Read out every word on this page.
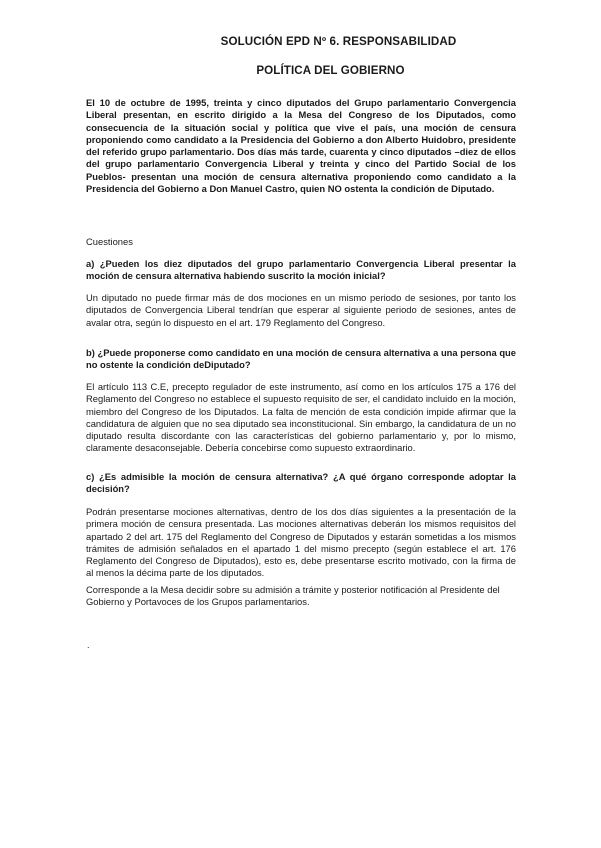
SOLUCIÓN EPD Nº 6. RESPONSABILIDAD
POLÍTICA DEL GOBIERNO
El 10 de octubre de 1995, treinta y cinco diputados del Grupo parlamentario Convergencia Liberal presentan, en escrito dirigido a la Mesa del Congreso de los Diputados, como consecuencia de la situación social y política que vive el país, una moción de censura proponiendo como candidato a la Presidencia del Gobierno a don Alberto Huidobro, presidente del referido grupo parlamentario. Dos días más tarde, cuarenta y cinco diputados –diez de ellos del grupo parlamentario Convergencia Liberal y treinta y cinco del Partido Social de los Pueblos- presentan una moción de censura alternativa proponiendo como candidato a la Presidencia del Gobierno a Don Manuel Castro, quien NO ostenta la condición de Diputado.
Cuestiones
a) ¿Pueden los diez diputados del grupo parlamentario Convergencia Liberal presentar la moción de censura alternativa habiendo suscrito la moción inicial?
Un diputado no puede firmar más de dos mociones en un mismo periodo de sesiones, por tanto los diputados de Convergencia Liberal tendrían que esperar al siguiente periodo de sesiones, antes de avalar otra, según lo dispuesto en el art. 179 Reglamento del Congreso.
b) ¿Puede proponerse como candidato en una moción de censura alternativa a una persona que no ostente la condición deDiputado?
El artículo 113 C.E, precepto regulador de este instrumento, así como en los artículos 175 a 176 del Reglamento del Congreso no establece el supuesto requisito de ser, el candidato incluido en la moción, miembro del Congreso de los Diputados. La falta de mención de esta condición impide afirmar que la candidatura de alguien que no sea diputado sea inconstitucional. Sin embargo, la candidatura de un no diputado resulta discordante con las características del gobierno parlamentario y, por lo mismo, claramente desaconsejable. Debería concebirse como supuesto extraordinario.
c) ¿Es admisible la moción de censura alternativa? ¿A qué órgano corresponde adoptar la decisión?
Podrán presentarse mociones alternativas, dentro de los dos días siguientes a la presentación de la primera moción de censura presentada. Las mociones alternativas deberán los mismos requisitos del apartado 2 del art. 175 del Reglamento del Congreso de Diputados y estarán sometidas a los mismos trámites de admisión señalados en el apartado 1 del mismo precepto (según establece el art. 176 Reglamento del Congreso de Diputados), esto es, debe presentarse escrito motivado, con la firma de al menos la décima parte de los diputados.
Corresponde a la Mesa decidir sobre su admisión a trámite y posterior notificación al Presidente del Gobierno y Portavoces de los Grupos parlamentarios.
.
